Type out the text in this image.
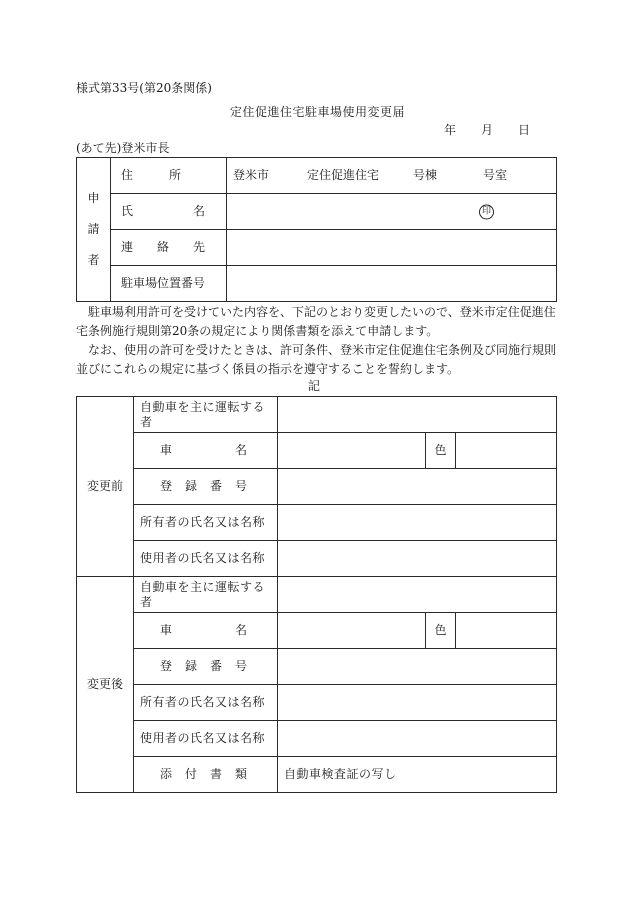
様式第33号(第20条関係)
定住促進住宅駐車場使用変更届
年 月 日
(あて先)登米市長
申
請
者	住　　　所	登米市 定住促進住宅 号棟 号室
	氏　　　　　名	印

	連　　絡　　先	
	駐車場位置番号	
駐車場利用許可を受けていた内容を、下記のとおり変更したいので、登米市定住促進住宅条例施行規則第20条の規定により関係書類を添えて申請します。
なお、使用の許可を受けたときは、許可条件、登米市定住促進住宅条例及び同施行規則並びにこれらの規定に基づく係員の指示を遵守することを誓約します。
記
変更前	自動車を主に運転する者			
	車　　　　　名		色	
	登　録　番　号			
	所有者の氏名又は名称			
	使用者の氏名又は名称			
変更後	自動車を主に運転する者			
	車　　　　　名		色	
	登　録　番　号			
	所有者の氏名又は名称			
	使用者の氏名又は名称			
	添　付　書　類	自動車検査証の写し		
